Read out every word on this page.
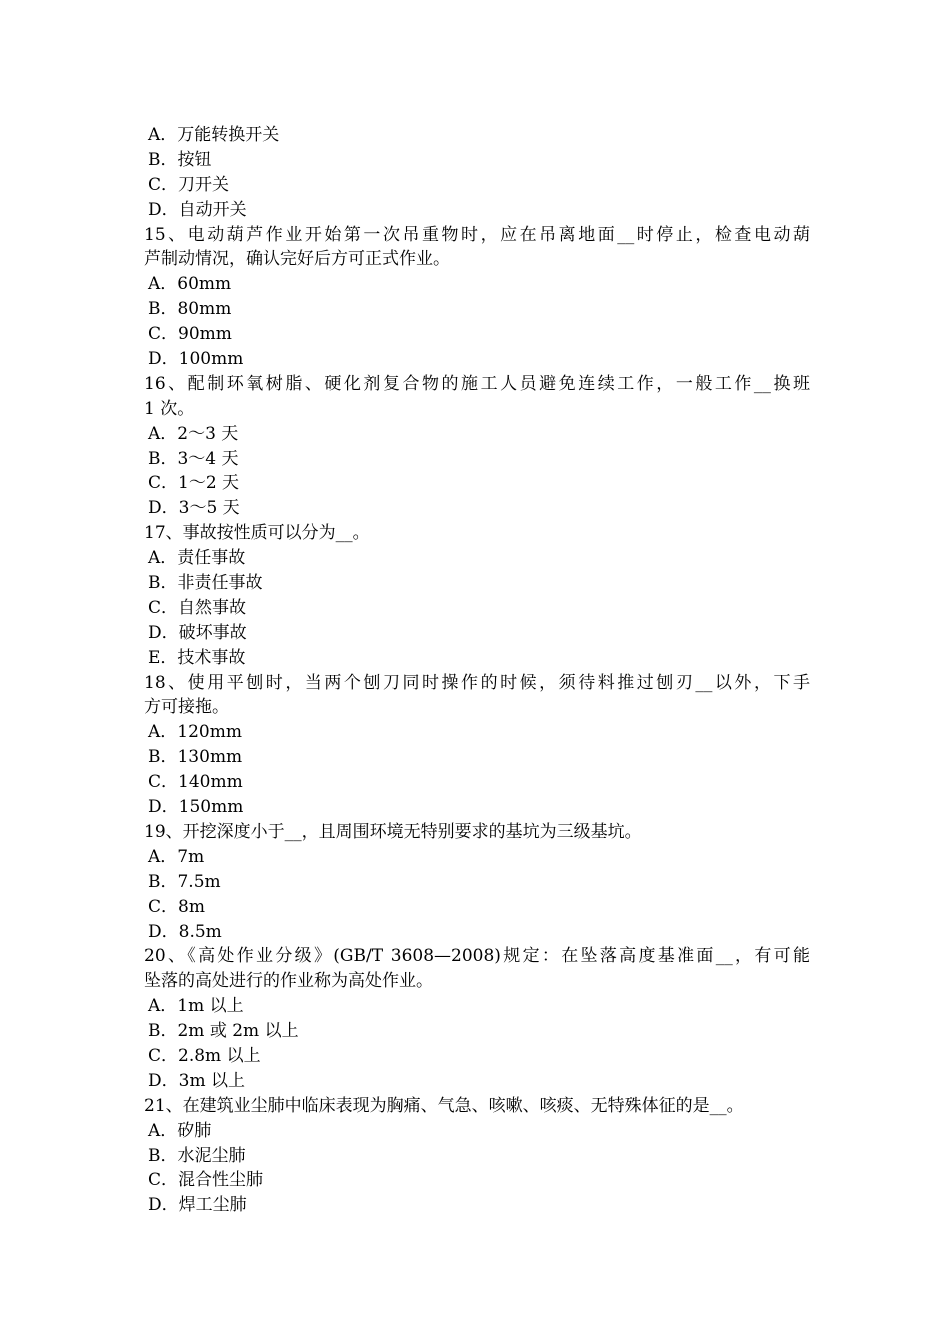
A．万能转换开关
B．按钮
C．刀开关
D．自动开关
15、电动葫芦作业开始第一次吊重物时，应在吊离地面__时停止，检查电动葫
芦制动情况，确认完好后方可正式作业。
A．60mm
B．80mm
C．90mm
D．100mm
16、配制环氧树脂、硬化剂复合物的施工人员避免连续工作，一般工作__换班
1 次。
A．2～3 天
B．3～4 天
C．1～2 天
D．3～5 天
17、事故按性质可以分为__。
A．责任事故
B．非责任事故
C．自然事故
D．破坏事故
E．技术事故
18、使用平刨时，当两个刨刀同时操作的时候，须待料推过刨刃__以外，下手
方可接拖。
A．120mm
B．130mm
C．140mm
D．150mm
19、开挖深度小于__，且周围环境无特别要求的基坑为三级基坑。
A．7m
B．7.5m
C．8m
D．8.5m
20、《高处作业分级》(GB/T 3608—2008)规定：在坠落高度基准面__，有可能
坠落的高处进行的作业称为高处作业。
A．1m 以上
B．2m 或 2m 以上
C．2.8m 以上
D．3m 以上
21、在建筑业尘肺中临床表现为胸痛、气急、咳嗽、咳痰、无特殊体征的是__。
A．矽肺
B．水泥尘肺
C．混合性尘肺
D．焊工尘肺
